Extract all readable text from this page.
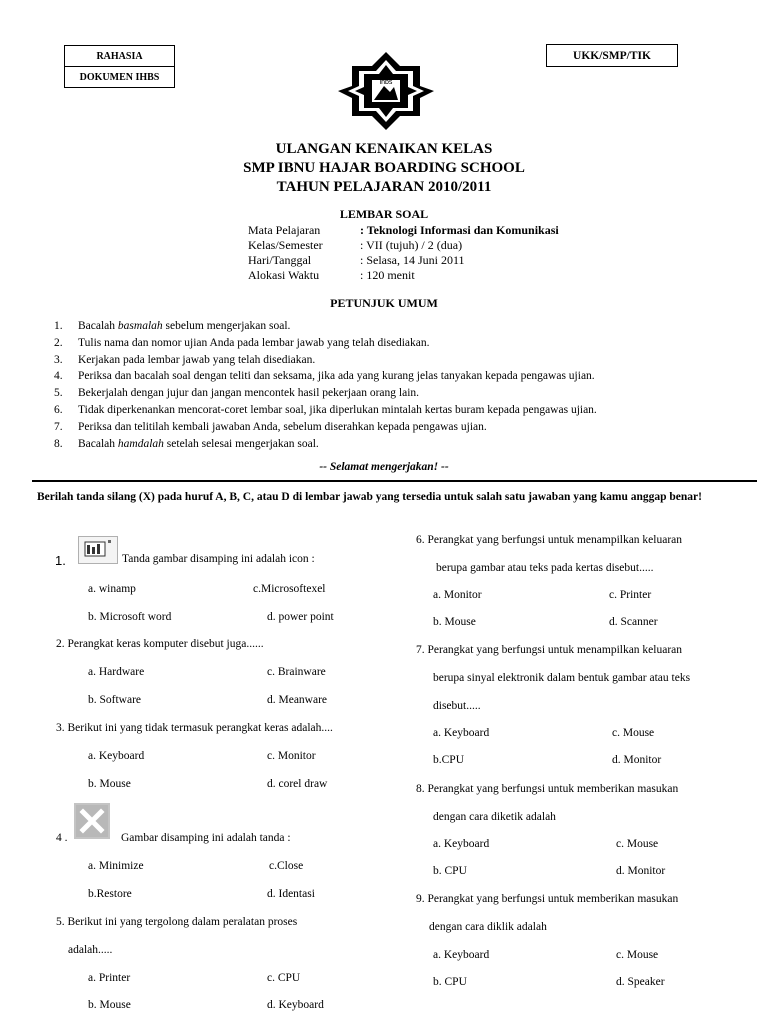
RAHASIA
DOKUMEN IHBS
UKK/SMP/TIK
ihbs
ULANGAN KENAIKAN KELAS
SMP IBNU HAJAR BOARDING SCHOOL
TAHUN PELAJARAN 2010/2011
LEMBAR SOAL
Mata Pelajaran	: Teknologi Informasi dan Komunikasi
Kelas/Semester	: VII (tujuh) / 2 (dua)
Hari/Tanggal	: Selasa, 14 Juni 2011
Alokasi Waktu	: 120 menit
PETUNJUK UMUM
1. Bacalah basmalah sebelum mengerjakan soal.
2. Tulis nama dan nomor ujian Anda pada lembar jawab yang telah disediakan.
3. Kerjakan pada lembar jawab yang telah disediakan.
4. Periksa dan bacalah soal dengan teliti dan seksama, jika ada yang kurang jelas tanyakan kepada pengawas ujian.
5. Bekerjalah dengan jujur dan jangan mencontek hasil pekerjaan orang lain.
6. Tidak diperkenankan mencorat-coret lembar soal, jika diperlukan mintalah kertas buram kepada pengawas ujian.
7. Periksa dan telitilah kembali jawaban Anda, sebelum diserahkan kepada pengawas ujian.
8. Bacalah hamdalah setelah selesai mengerjakan soal.
-- Selamat mengerjakan! --
Berilah tanda silang (X) pada huruf A, B, C, atau D di lembar jawab yang tersedia untuk salah satu jawaban yang kamu anggap benar!
1.	Tanda gambar disamping ini adalah icon :
a. winamp	c.Microsoftexel
b. Microsoft word	d. power point
2. Perangkat keras komputer disebut juga......
a. Hardware	c. Brainware
b. Software	d. Meanware
3. Berikut ini yang tidak termasuk perangkat keras adalah....
a. Keyboard	c. Monitor
b. Mouse	d. corel draw
4 .	Gambar disamping ini adalah tanda :
a. Minimize	c.Close
b.Restore	d. Identasi
5. Berikut ini yang tergolong dalam peralatan proses
adalah.....
a. Printer	c. CPU
b. Mouse	d. Keyboard
6. Perangkat yang berfungsi untuk menampilkan keluaran
berupa gambar atau teks pada kertas disebut.....
a. Monitor	c. Printer
b. Mouse	d. Scanner
7. Perangkat yang berfungsi untuk menampilkan keluaran
berupa sinyal elektronik dalam bentuk gambar atau teks
disebut.....
a. Keyboard	c. Mouse
b.CPU	d. Monitor
8. Perangkat yang berfungsi untuk memberikan masukan
dengan cara diketik adalah
a. Keyboard	c. Mouse
b. CPU	d. Monitor
9. Perangkat yang berfungsi untuk memberikan masukan
dengan cara diklik adalah
a. Keyboard	c. Mouse
b. CPU	d. Speaker
